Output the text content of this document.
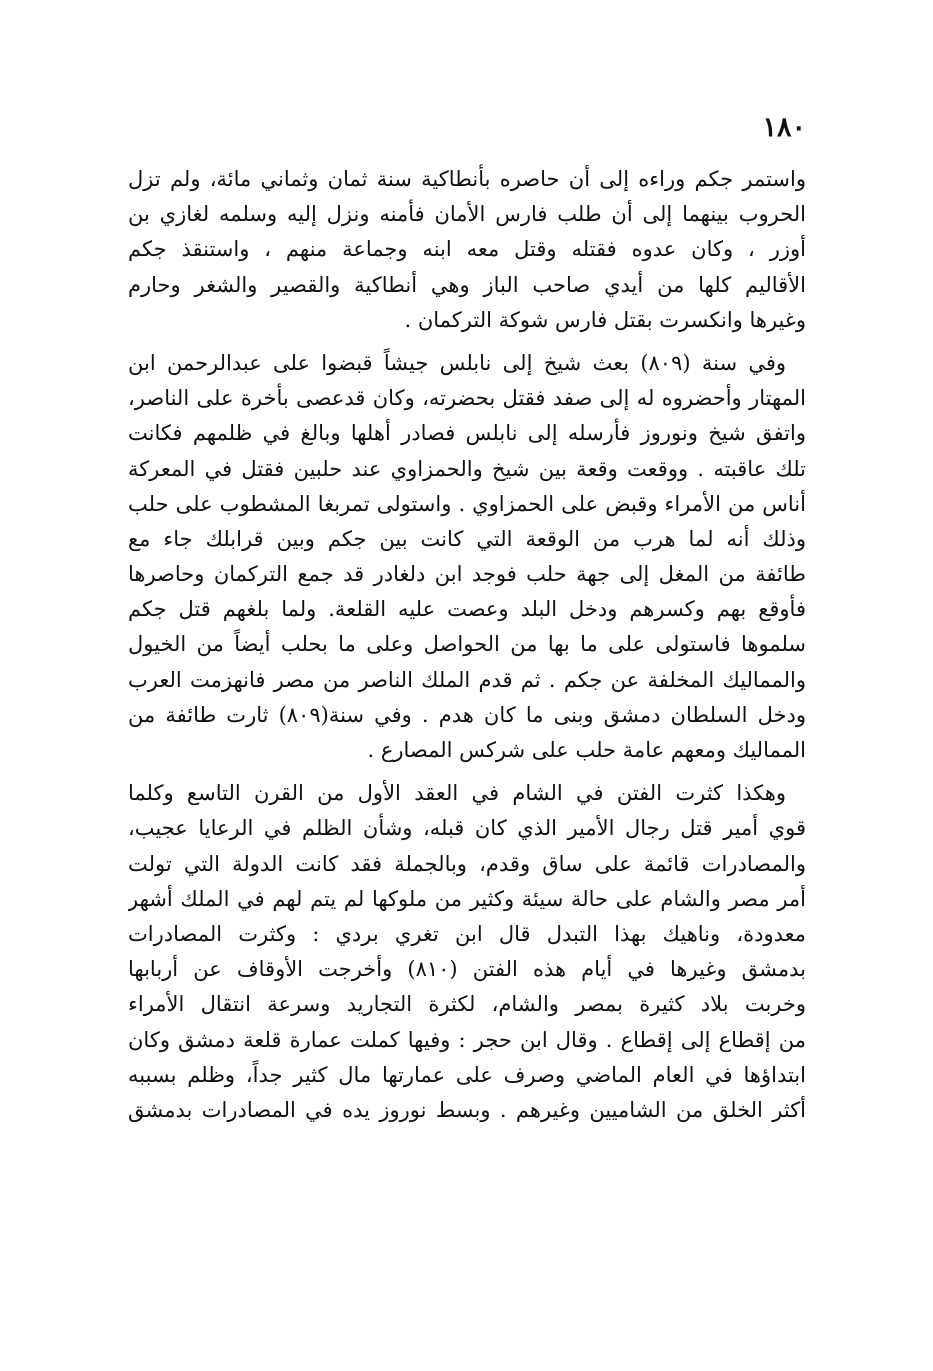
١٨٠

واستمر جكم وراءه إلى أن حاصره بأنطاكية سنة ثمان وثماني مائة، ولم تزل
الحروب بينهما إلى أن طلب فارس الأمان فأمنه ونزل إليه وسلمه لغازي بن
أوزر ، وكان عدوه فقتله وقتل معه ابنه وجماعة منهم ، واستنقذ جكم
الأقاليم كلها من أيدي صاحب الباز وهي أنطاكية والقصير والشغر وحارم
وغيرها وانكسرت بقتل فارس شوكة التركمان .

وفي سنة (٨٠٩) بعث شيخ إلى نابلس جيشاً قبضوا على عبدالرحمن ابن
المهتار وأحضروه له إلى صفد فقتل بحضرته، وكان قدعصى بأخرة على الناصر،
واتفق شيخ ونوروز فأرسله إلى نابلس فصادر أهلها وبالغ في ظلمهم فكانت
تلك عاقبته . ووقعت وقعة بين شيخ والحمزاوي عند حلبين فقتل في المعركة
أناس من الأمراء وقبض على الحمزاوي . واستولى تمربغا المشطوب على حلب
وذلك أنه لما هرب من الوقعة التي كانت بين جكم وبين قرابلك جاء مع
طائفة من المغل إلى جهة حلب فوجد ابن دلغادر قد جمع التركمان وحاصرها
فأوقع بهم وكسرهم ودخل البلد وعصت عليه القلعة. ولما بلغهم قتل جكم
سلموها فاستولى على ما بها من الحواصل وعلى ما بحلب أيضاً من الخيول
والمماليك المخلفة عن جكم . ثم قدم الملك الناصر من مصر فانهزمت العرب
ودخل السلطان دمشق وبنى ما كان هدم . وفي سنة(٨٠٩) ثارت طائفة من
المماليك ومعهم عامة حلب على شركس المصارع .

وهكذا كثرت الفتن في الشام في العقد الأول من القرن التاسع وكلما
قوي أمير قتل رجال الأمير الذي كان قبله، وشأن الظلم في الرعايا عجيب،
والمصادرات قائمة على ساق وقدم، وبالجملة فقد كانت الدولة التي تولت
أمر مصر والشام على حالة سيئة وكثير من ملوكها لم يتم لهم في الملك أشهر
معدودة، وناهيك بهذا التبدل قال ابن تغري بردي : وكثرت المصادرات
بدمشق وغيرها في أيام هذه الفتن (٨١٠) وأخرجت الأوقاف عن أربابها
وخربت بلاد كثيرة بمصر والشام، لكثرة التجاريد وسرعة انتقال الأمراء
من إقطاع إلى إقطاع . وقال ابن حجر : وفيها كملت عمارة قلعة دمشق وكان
ابتداؤها في العام الماضي وصرف على عمارتها مال كثير جداً، وظلم بسببه
أكثر الخلق من الشاميين وغيرهم . وبسط نوروز يده في المصادرات بدمشق
